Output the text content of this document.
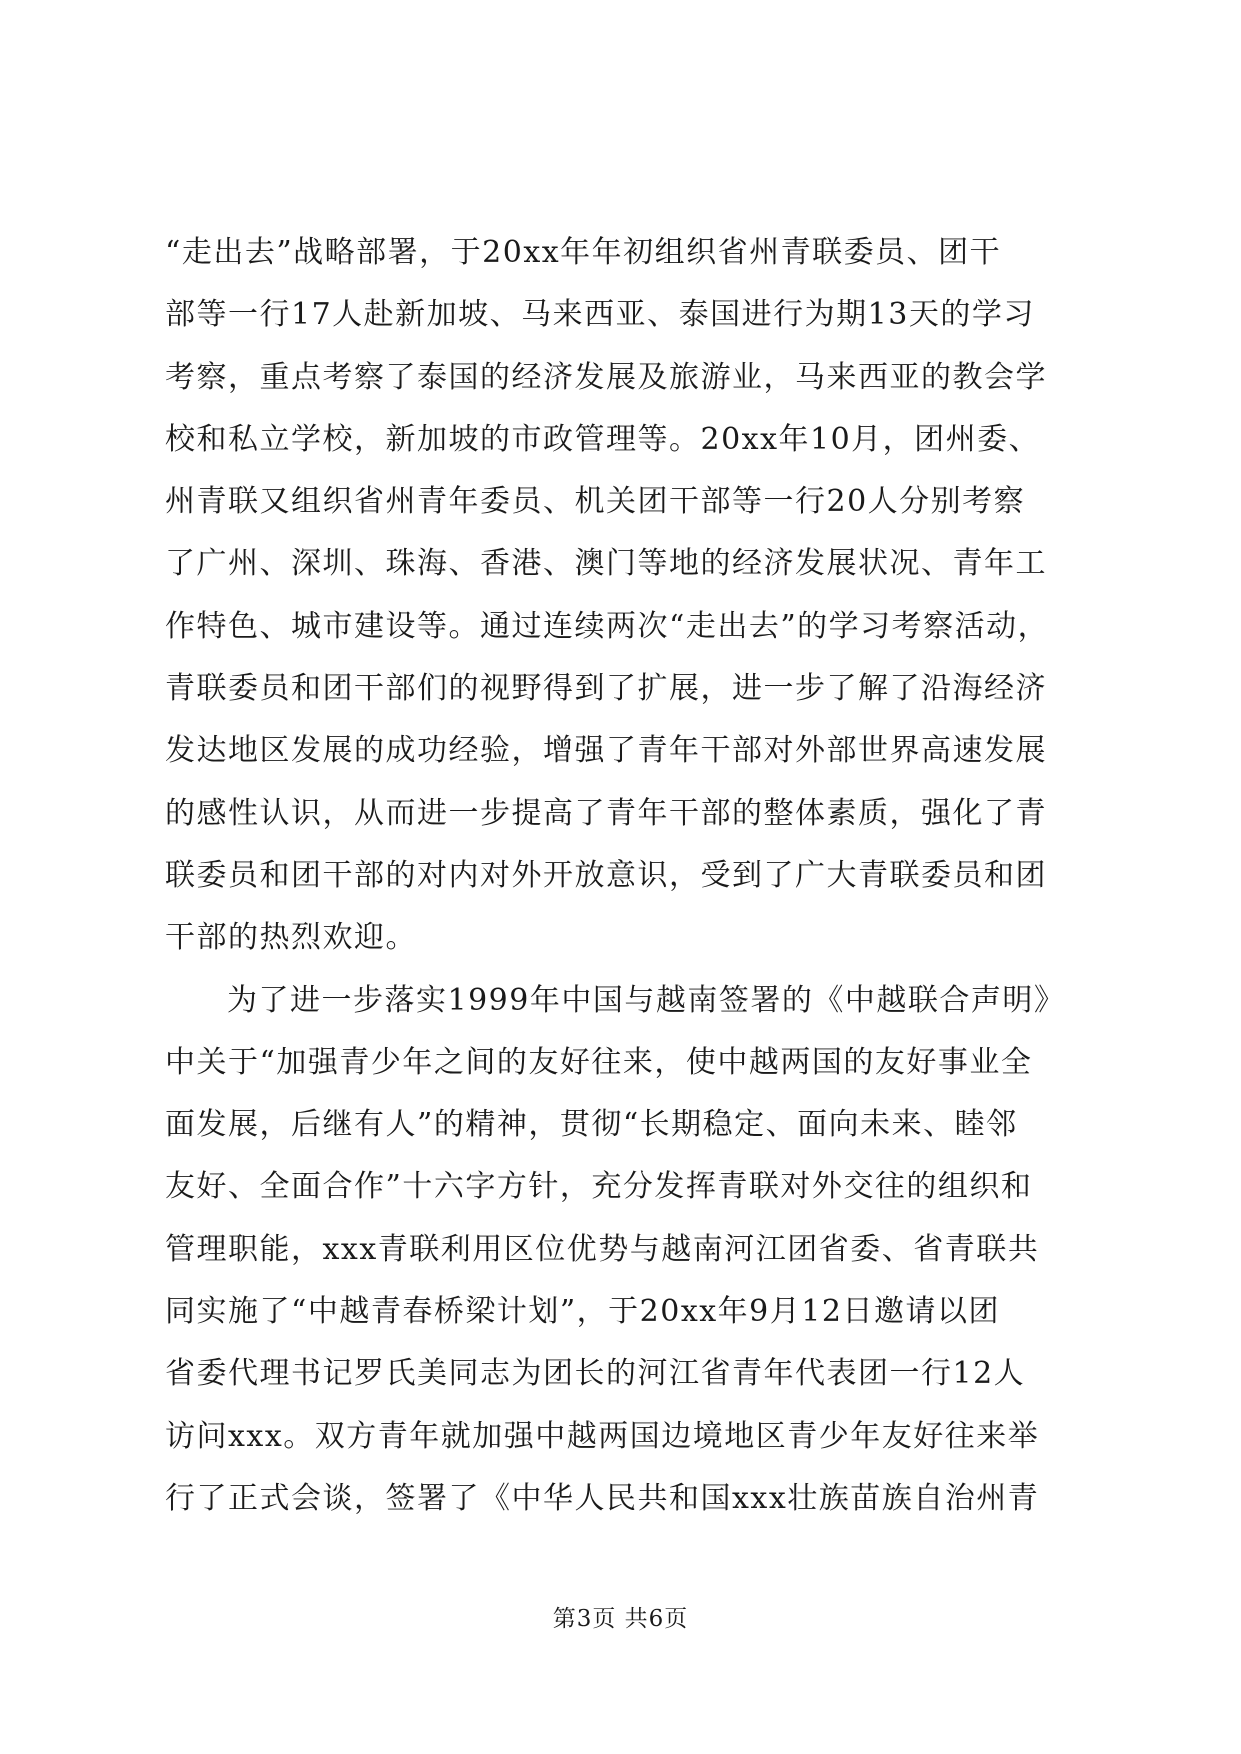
“走出去”战略部署，于20xx年年初组织省州青联委员、团干
部等一行17人赴新加坡、马来西亚、泰国进行为期13天的学习
考察，重点考察了泰国的经济发展及旅游业，马来西亚的教会学
校和私立学校，新加坡的市政管理等。20xx年10月，团州委、
州青联又组织省州青年委员、机关团干部等一行20人分别考察
了广州、深圳、珠海、香港、澳门等地的经济发展状况、青年工
作特色、城市建设等。通过连续两次“走出去”的学习考察活动，
青联委员和团干部们的视野得到了扩展，进一步了解了沿海经济
发达地区发展的成功经验，增强了青年干部对外部世界高速发展
的感性认识，从而进一步提高了青年干部的整体素质，强化了青
联委员和团干部的对内对外开放意识，受到了广大青联委员和团
干部的热烈欢迎。
为了进一步落实1999年中国与越南签署的《中越联合声明》
中关于“加强青少年之间的友好往来，使中越两国的友好事业全
面发展，后继有人”的精神，贯彻“长期稳定、面向未来、睦邻
友好、全面合作”十六字方针，充分发挥青联对外交往的组织和
管理职能，xxx青联利用区位优势与越南河江团省委、省青联共
同实施了“中越青春桥梁计划”，于20xx年9月12日邀请以团
省委代理书记罗氏美同志为团长的河江省青年代表团一行12人
访问xxx。双方青年就加强中越两国边境地区青少年友好往来举
行了正式会谈，签署了《中华人民共和国xxx壮族苗族自治州青
第3页 共6页
